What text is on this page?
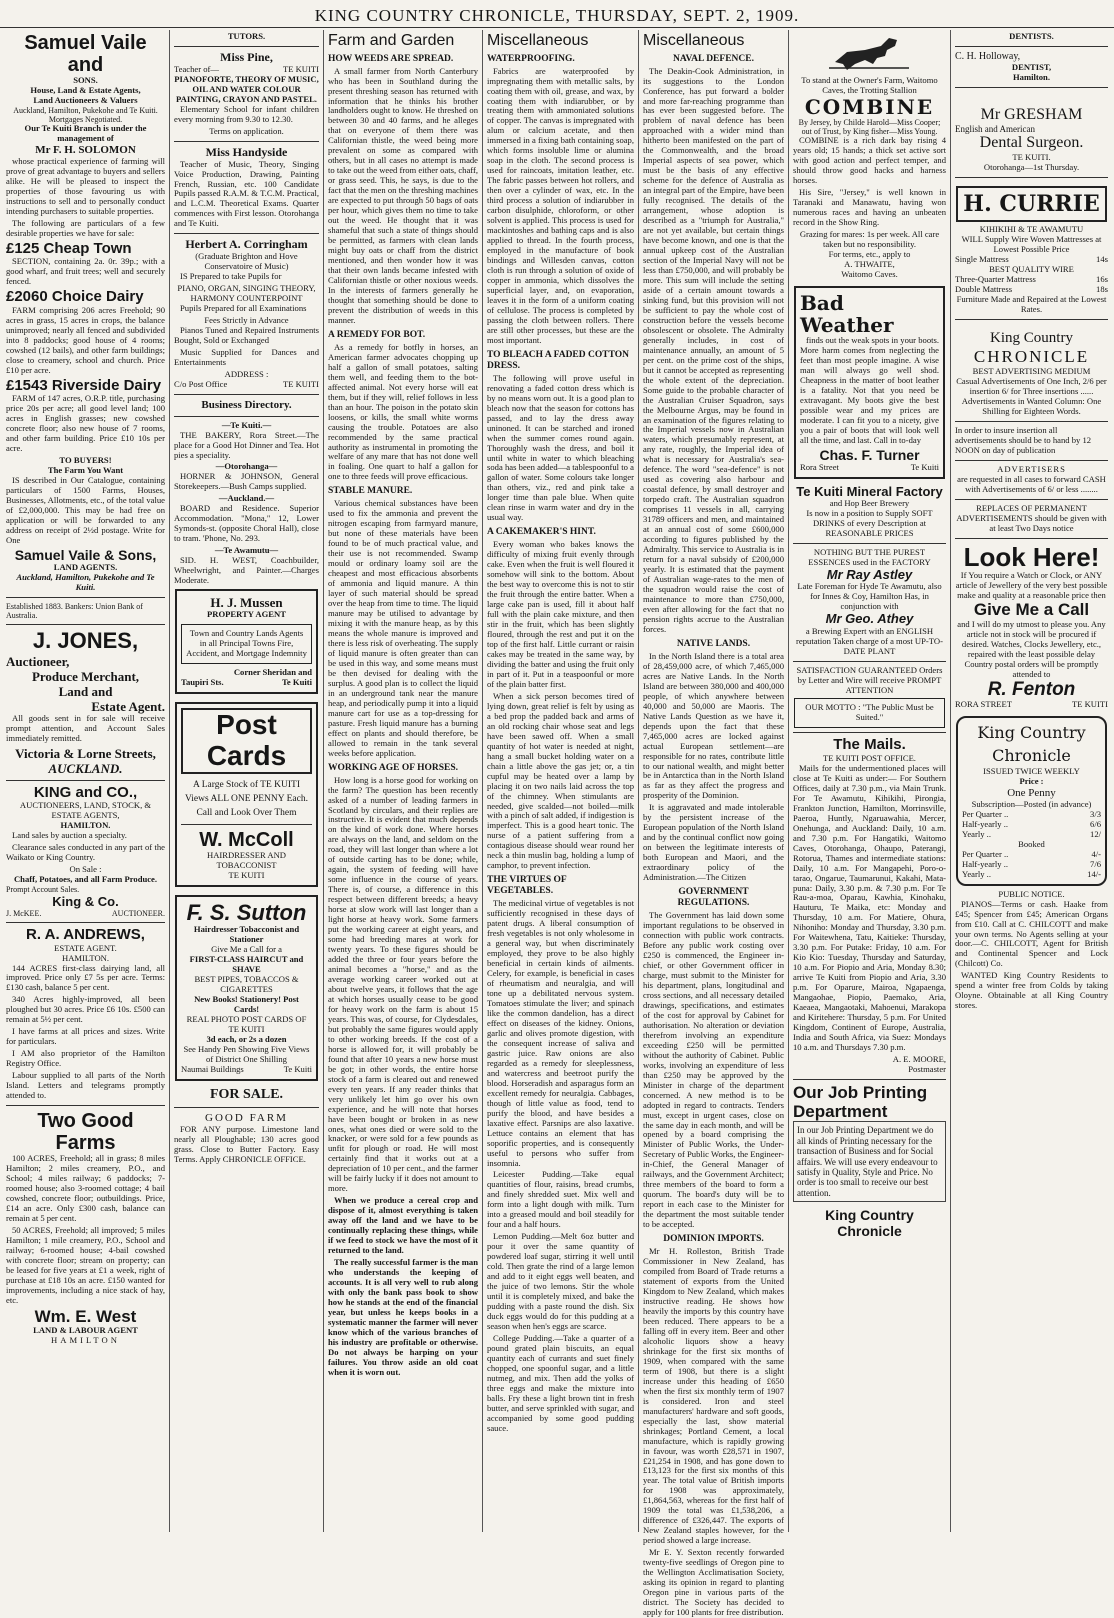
KING COUNTRY CHRONICLE, THURSDAY, SEPT. 2, 1909.
Samuel Vaile and
SONS.
House, Land & Estate Agents,
Land Auctioneers & Valuers
Auckland, Hamilton, Pukekohe and Te Kuiti.
Mortgages Negotiated.
Our Te Kuiti Branch is under the management of
Mr F. H. SOLOMON

whose practical experience of farming will prove of great advantage to buyers and sellers alike. He will be pleased to inspect the properties of those favouring us with instructions to sell and to personally conduct intending purchasers to suitable properties.

The following are particulars of a few desirable properties we have for sale:

£125 Cheap Town

SECTION, containing 2a. 0r. 39p.; with a good wharf, and fruit trees; well and securely fenced.

£2060 Choice Dairy

FARM comprising 206 acres Freehold; 90 acres in grass, 15 acres in crops, the balance unimproved; nearly all fenced and subdivided into 8 paddocks; good house of 4 rooms; cowshed (12 bails), and other farm buildings; close to creamery, school and church. Price £10 per acre.

£1543 Riverside Dairy

FARM of 147 acres, O.R.P. title, purchasing price 20s per acre; all good level land; 100 acres in English grasses; new cowshed concrete floor; also new house of 7 rooms, and other farm building. Price £10 10s per acre.

TO BUYERS!
The Farm You Want

IS described in Our Catalogue, containing particulars of 1500 Farms, Houses, Businesses, Allotments, etc., of the total value of £2,000,000. This may be had free on application or will be forwarded to any address on receipt of 2½d postage. Write for One

Samuel Vaile & Sons,
LAND AGENTS.
Auckland, Hamilton, Pukekohe and Te Kuiti.
Established 1883. Bankers: Union Bank of Australia.
J. JONES,
Auctioneer,
Produce Merchant,
Land and
Estate Agent.

All goods sent in for sale will receive prompt attention, and Account Sales immediately remitted.

Victoria & Lorne Streets,
AUCKLAND.
KING and CO.,
AUCTIONEERS, LAND, STOCK, & ESTATE AGENTS,
HAMILTON.

Land sales by auction a specialty.

Clearance sales conducted in any part of the Waikato or King Country.

On Sale :
Chaff, Potatoes, and all Farm Produce.
Prompt Account Sales.
King & Co.
J. McKEE.	AUCTIONEER.
R. A. ANDREWS,
ESTATE AGENT.
HAMILTON.

144 ACRES first-class dairying land, all improved. Price only £7 5s per acre. Terms: £130 cash, balance 5 per cent.

340 Acres highly-improved, all been ploughed but 30 acres. Price £6 10s. £500 can remain at 5½ per cent.

I have farms at all prices and sizes. Write for particulars.

I AM also proprietor of the Hamilton Registry Office.

Labour supplied to all parts of the North Island. Letters and telegrams promptly attended to.

Two Good Farms

100 ACRES, Freehold; all in grass; 8 miles Hamilton; 2 miles creamery, P.O., and School; 4 miles railway; 6 paddocks; 7-roomed house; also 3-roomed cottage; 4 bail cowshed, concrete floor; outbuildings. Price, £14 an acre. Only £300 cash, balance can remain at 5 per cent.

50 ACRES, Freehold; all improved; 5 miles Hamilton; 1 mile creamery, P.O., School and railway; 6-roomed house; 4-bail cowshed with concrete floor; stream on property; can be leased for five years at £1 a week, right of purchase at £18 10s an acre. £150 wanted for improvements, including a nice stack of hay, etc.

Wm. E. West
LAND & LABOUR AGENT
HAMILTON
TUTORS.
Miss Pine,
Teacher of—	TE KUITI
PIANOFORTE, THEORY OF MUSIC, OIL AND WATER COLOUR PAINTING, CRAYON AND PASTEL.

Elementary School for infant children every morning from 9.30 to 12.30.

Terms on application.
Miss Handyside

Teacher of Music, Theory, Singing Voice Production, Drawing, Painting French, Russian, etc. 100 Candidate Pupils passed R.A.M. & T.C.M. Practical, and L.C.M. Theoretical Exams. Quarter commences with First lesson. Otorohanga and Te Kuiti.

Herbert A. Corringham
(Graduate Brighton and Hove Conservatoire of Music)

IS Prepared to take Pupils for

PIANO, ORGAN, SINGING THEORY, HARMONY COUNTERPOINT

Pupils Prepared for all Examinations

Fees Strictly in Advance

Pianos Tuned and Repaired Instruments Bought, Sold or Exchanged

Music Supplied for Dances and Entertainments

ADDRESS :
C/o Post Office	TE KUITI
Business Directory.
—Te Kuiti.—

THE BAKERY, Rora Street.—The place for a Good Hot Dinner and Tea. Hot pies a speciality.

—Otorohanga—

HORNER & JOHNSON, General Storekeepers.—Bush Camps supplied.

—Auckland.—

BOARD and Residence. Superior Accommodation. "Mona," 12, Lower Symonds-st. (opposite Choral Hall), close to tram. 'Phone, No. 293.

—Te Awamutu—

SID. H. WEST, Coachbuilder, Wheelwright, and Painter.—Charges Moderate.

H. J. Mussen
PROPERTY AGENT
Town and Country Lands Agents in all Principal Towns Fire, Accident, and Mortgage Indemnity
Corner Sheridan and
Taupiri Sts.	Te Kuiti
Post Cards
A Large Stock of TE KUITI Views ALL ONE PENNY Each. Call and Look Over Them
W. McColl
HAIRDRESSER AND TOBACCONIST
TE KUITI
F. S. Sutton
Hairdresser Tobacconist and Stationer
Give Me a Call for a
FIRST-CLASS HAIRCUT and SHAVE
BEST PIPES, TOBACCOS & CIGARETTES
New Books! Stationery! Post Cards!
REAL PHOTO POST CARDS OF TE KUITI
3d each, or 2s a dozen
See Handy Pen Showing Five Views of District One Shilling
Naumai Buildings	Te Kuiti
FOR SALE.
GOOD FARM

FOR ANY purpose. Limestone land nearly all Ploughable; 130 acres good grass. Close to Butter Factory. Easy Terms. Apply CHRONICLE OFFICE.

Farm and Garden
HOW WEEDS ARE SPREAD.

A small farmer from North Canterbury who has been in Southland during the present threshing season has returned with information that he thinks his brother landholders ought to know. He threshed on between 30 and 40 farms, and he alleges that on everyone of them there was Californian thistle, the weed being more prevalent on some as compared with others, but in all cases no attempt is made to take out the weed from either oats, chaff, or grass seed. This, he says, is due to the fact that the men on the threshing machines are expected to put through 50 bags of oats per hour, which gives them no time to take out the weed. He thought that it was shameful that such a state of things should be permitted, as farmers with clean lands might buy oats or chaff from the district mentioned, and then wonder how it was that their own lands became infested with Californian thistle or other noxious weeds. In the interests of farmers generally he thought that something should be done to prevent the distribution of weeds in this manner.

A REMEDY FOR BOT.

As a remedy for botfly in horses, an American farmer advocates chopping up half a gallon of small potatoes, salting them well, and feeding them to the bot-affected animal. Not every horse will eat them, but if they will, relief follows in less than an hour. The poison in the potato skin loosens, or kills, the small white worms causing the trouble. Potatoes are also recommended by the same practical authority as instrumental in promoting the welfare of any mare that has not done well in foaling. One quart to half a gallon for one to three feeds will prove efficacious.

STABLE MANURE.

Various chemical substances have been used to fix the ammonia and prevent the nitrogen escaping from farmyard manure, but none of these materials have been found to be of much practical value, and their use is not recommended. Swamp mould or ordinary loamy soil are the cheapest and most efficacious absorbents of ammonia and liquid manure. A thin layer of such material should be spread over the heap from time to time. The liquid manure may be utilised to advantage by mixing it with the manure heap, as by this means the whole manure is improved and there is less risk of overheating. The supply of liquid manure is often greater than can be used in this way, and some means must be then devised for dealing with the surplus. A good plan is to collect the liquid in an underground tank near the manure heap, and periodically pump it into a liquid manure cart for use as a top-dressing for pasture. Fresh liquid manure has a burning effect on plants and should therefore, be allowed to remain in the tank several weeks before application.

WORKING AGE OF HORSES.

How long is a horse good for working on the farm? The question has been recently asked of a number of leading farmers in Scotland by circulars, and their replies are instructive. It is evident that much depends on the kind of work done. Where horses are always on the land, and seldom on the road, they will last longer than where a lot of outside carting has to be done; while, again, the system of feeding will have some influence in the course of years. There is, of course, a difference in this respect between different breeds; a heavy horse at slow work will last longer than a light horse at heavy work. Some farmers put the working career at eight years, and some had breeding mares at work for twenty years. To these figures should be added the three or four years before the animal becomes a "horse," and as the average working career worked out at about twelve years, it follows that the age at which horses usually cease to be good for heavy work on the farm is about 15 years. This was, of course, for Clydesdales, but probably the same figures would apply to other working breeds. If the cost of a horse is allowed for, it will probably be found that after 10 years a new horse must be got; in other words, the entire horse stock of a farm is cleared out and renewed every ten years. If any reader thinks that very unlikely let him go over his own experience, and he will note that horses have been bought or broken in as new ones, what ones died or were sold to the knacker, or were sold for a few pounds as unfit for plough or road. He will most certainly find that it works out at a depreciation of 10 per cent., and the farmer will be fairly lucky if it does not amount to more.

When we produce a cereal crop and dispose of it, almost everything is taken away off the land and we have to be continually replacing these things, while if we feed to stock we have the most of it returned to the land.

The really successful farmer is the man who understands the keeping of accounts. It is all very well to rub along with only the bank pass book to show how he stands at the end of the financial year, but unless he keeps books in a systematic manner the farmer will never know which of the various branches of his industry are profitable or otherwise. Do not always be harping on your failures. You throw aside an old coat when it is worn out.

Miscellaneous
WATERPROOFING.

Fabrics are waterproofed by impregnating them with metallic salts, by coating them with oil, grease, and wax, by coating them with indiarubber, or by treating them with ammoniated solutions of copper. The canvas is impregnated with alum or calcium acetate, and then immersed in a fixing bath containing soap, which forms insoluble lime or alumina soap in the cloth. The second process is used for raincoats, imitation leather, etc. The fabric passes between hot rollers, and then over a cylinder of wax, etc. In the third process a solution of indiarubber in carbon disulphide, chloroform, or other solvent is applied. This process is used for mackintoshes and bathing caps and is also applied to thread. In the fourth process, employed in the manufacture of book bindings and Willesden canvas, cotton cloth is run through a solution of oxide of copper in ammonia, which dissolves the superficial layer, and, on evaporation, leaves it in the form of a uniform coating of cellulose. The process is completed by passing the cloth between rollers. There are still other processes, but these are the most important.

TO BLEACH A FADED COTTON DRESS.

The following will prove useful in renovating a faded cotton dress which is by no means worn out. It is a good plan to bleach now that the season for cottons has passed, and to lay the dress away uninoned. It can be starched and ironed when the summer comes round again. Thoroughly wash the dress, and boil it until white in water to which bleaching soda has been added—a tablespoonful to a gallon of water. Some colours take longer than others, viz., red and pink take a longer time than pale blue. When quite clean rinse in warm water and dry in the usual way.

A CAKEMAKER'S HINT.

Every woman who bakes knows the difficulty of mixing fruit evenly through cake. Even when the fruit is well floured it somehow will sink to the bottom. About the best way to overcome this is not to stir the fruit through the entire batter. When a large cake pan is used, fill it about half full with the plain cake mixture, and then stir in the fruit, which has been slightly floured, through the rest and put it on the top of the first half. Little currant or raisin cakes may be treated in the same way, by dividing the batter and using the fruit only in part of it. Put in a teaspoonful or more of the plain batter first.

When a sick person becomes tired of lying down, great relief is felt by using as a bed prop the padded back and arms of an old rocking chair whose seat and legs have been sawed off. When a small quantity of hot water is needed at night, hang a small bucket holding water on a chain a little above the gas jet; or, a tin cupful may be heated over a lamp by placing it on two nails laid across the top of the chimney. When stimulants are needed, give scalded—not boiled—milk with a pinch of salt added, if indigestion is imperfect. This is a good heart tonic. The nurse of a patient suffering from a contagious disease should wear round her neck a thin muslin bag, holding a lump of camphor, to prevent infection.

THE VIRTUES OF VEGETABLES.

The medicinal virtue of vegetables is not sufficiently recognised in these days of patent drugs. A liberal consumption of fresh vegetables is not only wholesome in a general way, but when discriminately employed, they prove to be also highly beneficial in certain kinds of ailments. Celery, for example, is beneficial in cases of rheumatism and neuralgia, and will tone up a debilitated nervous system. Tomatoes stimulate the liver; and spinach like the common dandelion, has a direct effect on diseases of the kidney. Onions, garlic and olives promote digestion, with the consequent increase of saliva and gastric juice. Raw onions are also regarded as a remedy for sleeplessness, and watercress and beetroot purify the blood. Horseradish and asparagus form an excellent remedy for neuralgia. Cabbages, though of little value as food, tend to purify the blood, and have besides a laxative effect. Parsnips are also laxative. Lettuce contains an element that has soporific properties, and is consequently useful to persons who suffer from insomnia.

Leicester Pudding.—Take equal quantities of flour, raisins, bread crumbs, and finely shredded suet. Mix well and form into a light dough with milk. Turn into a greased mould and boil steadily for four and a half hours.

Lemon Pudding.—Melt 6oz butter and pour it over the same quantity of powdered loaf sugar, stirring it well until cold. Then grate the rind of a large lemon and add to it eight eggs well beaten, and the juice of two lemons. Stir the whole until it is completely mixed, and bake the pudding with a paste round the dish. Six duck eggs would do for this pudding at a season when hen's eggs are scarce.

College Pudding.—Take a quarter of a pound grated plain biscuits, an equal quantity each of currants and suet finely chopped, one spoonful sugar, and a little nutmeg, and mix. Then add the yolks of three eggs and make the mixture into balls. Fry these a light brown tint in fresh butter, and serve sprinkled with sugar, and accompanied by some good pudding sauce.

Miscellaneous
NAVAL DEFENCE.

The Deakin-Cook Administration, in its suggestions to the London Conference, has put forward a bolder and more far-reaching programme than has ever been suggested before. The problem of naval defence has been approached with a wider mind than hitherto been manifested on the part of the Commonwealth, and the broad Imperial aspects of sea power, which must be the basis of any effective scheme for the defence of Australia as an integral part of the Empire, have been fully recognised. The details of the arrangement, whose adoption is described as a "triumph for Australia," are not yet available, but certain things have become known, and one is that the annual upkeep cost of the Australian section of the Imperial Navy will not be less than £750,000, and will probably be more. This sum will include the setting aside of a certain amount towards a sinking fund, but this provision will not be sufficient to pay the whole cost of construction before the vessels become obsolescent or obsolete. The Admiralty generally includes, in cost of maintenance annually, an amount of 5 per cent. on the prime cost of the ships, but it cannot be accepted as representing the whole extent of the depreciation. Some guide to the probable character of the Australian Cruiser Squadron, says the Melbourne Argus, may be found in an examination of the figures relating to the Imperial vessels now in Australian waters, which presumably represent, at any rate, roughly, the Imperial idea of what is necessary for Australia's sea-defence. The word "sea-defence" is not used as covering also harbour and coastal defence, by small destroyer and torpedo craft. The Australian squadron comprises 11 vessels in all, carrying 31789 officers and men, and maintained at an annual cost of some £600,000 according to figures published by the Admiralty. This service to Australia is in return for a naval subsidy of £200,000 yearly. It is estimated that the payment of Australian wage-rates to the men of the squadron would raise the cost of maintenance to more than £750,000, even after allowing for the fact that no pension rights accrue to the Australian forces.

NATIVE LANDS.

In the North Island there is a total area of 28,459,000 acre, of which 7,465,000 acres are Native Lands. In the North Island are between 380,000 and 400,000 people, of which anywhere between 40,000 and 50,000 are Maoris. The Native Lands Question as we have it, depends upon the fact that these 7,465,000 acres are locked against actual European settlement—are responsible for no rates, contribute little to our national wealth, and might better be in Antarctica than in the North Island as far as they affect the progress and prosperity of the Dominion.

It is aggravated and made intolerable by the persistent increase of the European population of the North Island and by the continual conflict now going on between the legitimate interests of both European and Maori, and the extraordinary policy of the Administration.—The Citizen

GOVERNMENT REGULATIONS.

The Government has laid down some important regulations to be observed in connection with public work contracts. Before any public work costing over £250 is commenced, the Engineer in-chief, or other Government officer in charge, must submit to the Minister for his department, plans, longitudinal and cross sections, and all necessary detailed drawings, specifications, and estimates of the cost for approval by Cabinet for authorisation. No alteration or deviation therefrom involving an expenditure exceeding £250 will be permitted without the authority of Cabinet. Public works, involving an expenditure of less than £250 may be approved by the Minister in charge of the department concerned. A new method is to be adopted in regard to contracts. Tenders must, except in urgent cases, close on the same day in each month, and will be opened by a board comprising the Minister of Public Works, the Under-Secretary of Public Works, the Engineer-in-Chief, the General Manager of railways, and the Government Architect; three members of the board to form a quorum. The board's duty will be to report in each case to the Minister for the department the most suitable tender to be accepted.

DOMINION IMPORTS.

Mr H. Rolleston, British Trade Commissioner in New Zealand, has compiled from Board of Trade returns a statement of exports from the United Kingdom to New Zealand, which makes instructive reading. He shows how heavily the imports by this country have been reduced. There appears to be a falling off in every item. Beer and other alcoholic liquors show a heavy shrinkage for the first six months of 1909, when compared with the same term of 1908, but there is a slight increase under this heading of £650 when the first six monthly term of 1907 is considered. Iron and steel manufacturers' hardware and soft goods, especially the last, show material shrinkages; Portland Cement, a local manufacture, which is rapidly growing in favour, was worth £28,571 in 1907, £21,254 in 1908, and has gone down to £13,123 for the first six months of this year. The total value of British imports for 1908 was approximately, £1,864,563, whereas for the first half of 1909 the total was £1,538,206, a difference of £326,447. The exports of New Zealand staples however, for the period showed a large increase.

Mr E. Y. Sexton recently forwarded twenty-five seedlings of Oregon pine to the Wellington Acclimatisation Society, asking its opinion in regard to planting Oregon pine in various parts of the district. The Society has decided to apply for 100 plants for free distribution.

To stand at the Owner's Farm, Waitomo Caves, the Trotting Stallion
COMBINE
By Jersey, by Childe Harold—Miss Cooper; out of Trust, by King fisher—Miss Young.

COMBINE is a rich dark bay rising 4 years old; 15 hands; a thick set active sort with good action and perfect temper, and should throw good hacks and harness horses.

His Sire, "Jersey," is well known in Taranaki and Manawatu, having won numerous races and having an unbeaten record in the Show Ring.

Grazing for mares: 1s per week. All care taken but no responsibility.
For terms, etc., apply to
A. THWAITE,
Waitomo Caves.
Bad Weather

finds out the weak spots in your boots. More harm comes from neglecting the feet than most people imagine. A wise man will always go well shod. Cheapness in the matter of boot leather is a fatality. Not that you need be extravagant. My boots give the best possible wear and my prices are moderate. I can fit you to a nicety, give you a pair of boots that will look well all the time, and last. Call in to-day

Chas. F. Turner
Rora Street	Te Kuiti
Te Kuiti Mineral Factory
and Hop Beer Brewery
Is now in a position to Supply SOFT DRINKS of every Description at REASONABLE PRICES
NOTHING BUT THE PUREST ESSENCES used in the FACTORY
Mr Ray Astley
Late Foreman for Hyde Te Awamutu, also for Innes & Coy, Hamilton Has, in conjunction with
Mr Geo. Athey
a Brewing Expert with an ENGLISH reputation Taken charge of a most UP-TO-DATE PLANT
SATISFACTION GUARANTEED Orders by Letter and Wire will receive PROMPT ATTENTION
OUR MOTTO : "The Public Must be Suited."
The Mails.
TE KUITI POST OFFICE.

Mails for the undermentioned places will close at Te Kuiti as under:— For Southern Offices, daily at 7.30 p.m., via Main Trunk. For Te Awamutu, Kihikihi, Pirongia, Frankton Junction, Hamilton, Morrinsville, Paeroa, Huntly, Ngaruawahia, Mercer, Onehunga, and Auckland: Daily, 10 a.m. and 7.30 p.m. For Hangatiki, Waitomo Caves, Otorohanga, Ohaupo, Paterangi, Rotorua, Thames and intermediate stations: Daily, 10 a.m. For Mangapehi, Poro-o-tarao, Ongarue, Taumarunui, Kakahi, Mata-puna: Daily, 3.30 p.m. & 7.30 p.m. For Te Rau-a-moa, Oparau, Kawhia, Kinohaku, Hauturu, Te Maika, etc: Monday and Thursday, 10 a.m. For Matiere, Ohura, Nihoniho: Monday and Thursday, 3.30 p.m. For Waitewhena, Tatu, Kaitieke: Thursday, 3.30 p.m. For Putake: Friday, 10 a.m. For Kio Kio: Tuesday, Thursday and Saturday, 10 a.m. For Piopio and Aria, Monday 8.30; arrive Te Kuiti from Piopio and Aria, 3.30 p.m. For Oparure, Mairoa, Ngapaenga, Mangaohae, Piopio, Paemako, Aria, Kaeaea, Mangaotaki, Mahoenui, Marakopa and Kiritehere: Thursday, 5 p.m. For United Kingdom, Continent of Europe, Australia, India and South Africa, via Suez: Mondays 10 a.m. and Thursdays 7.30 p.m.

A. E. MOORE,
Postmaster
Our Job Printing Department
In our Job Printing Department we do all kinds of Printing necessary for the transaction of Business and for Social affairs. We will use every endeavour to satisfy in Quality, Style and Price. No order is too small to receive our best attention.
King Country Chronicle
DENTISTS.
C. H. Holloway,
DENTIST,
Hamilton.
Mr GRESHAM
English and American
Dental Surgeon.
TE KUITI.
Otorohanga—1st Thursday.
H. CURRIE
KIHIKIHI & TE AWAMUTU
WILL Supply Wire Woven Mattresses at Lowest Possible Price
Single Mattress	14s
BEST QUALITY WIRE
Three-Quarter Mattress	16s
Double Mattress	18s
Furniture Made and Repaired at the Lowest Rates.
King Country
CHRONICLE
BEST ADVERTISING MEDIUM
Casual Advertisements of One Inch, 2/6 per insertion 6/ for Three insertions ...... Advertisements in Wanted Column: One Shilling for Eighteen Words.
In order to insure insertion all advertisements should be to hand by 12 NOON on day of publication
ADVERTISERS
are requested in all cases to forward CASH with Advertisements of 6/ or less ........
REPLACES OF PERMANENT ADVERTISEMENTS should be given with at least Two Days notice
Look Here!
If You require a Watch or Clock, or ANY article of Jewellery of the very best possible make and quality at a reasonable price then
Give Me a Call
and I will do my utmost to please you. Any article not in stock will be procured if desired. Watches, Clocks Jewellery, etc., repaired with the least possible delay Country postal orders will be promptly attended to
R. Fenton
RORA STREET	TE KUITI
King Country Chronicle
ISSUED TWICE WEEKLY
Price :
One Penny
Subscription—Posted (in advance)
Per Quarter ..	3/3
Half-yearly ..	6/6
Yearly ..	12/
Booked
Per Quarter ..	4/-
Half-yearly ..	7/6
Yearly ..	14/-
PUBLIC NOTICE.

PIANOS—Terms or cash. Haake from £45; Spencer from £45; American Organs from £10. Call at C. CHILCOTT and make your own terms. No Agents selling at your door.—C. CHILCOTT, Agent for British and Continental Spencer and Lock (Chilcott) Co.

WANTED King Country Residents to spend a winter free from Colds by taking Oloyne. Obtainable at all King Country stores.
